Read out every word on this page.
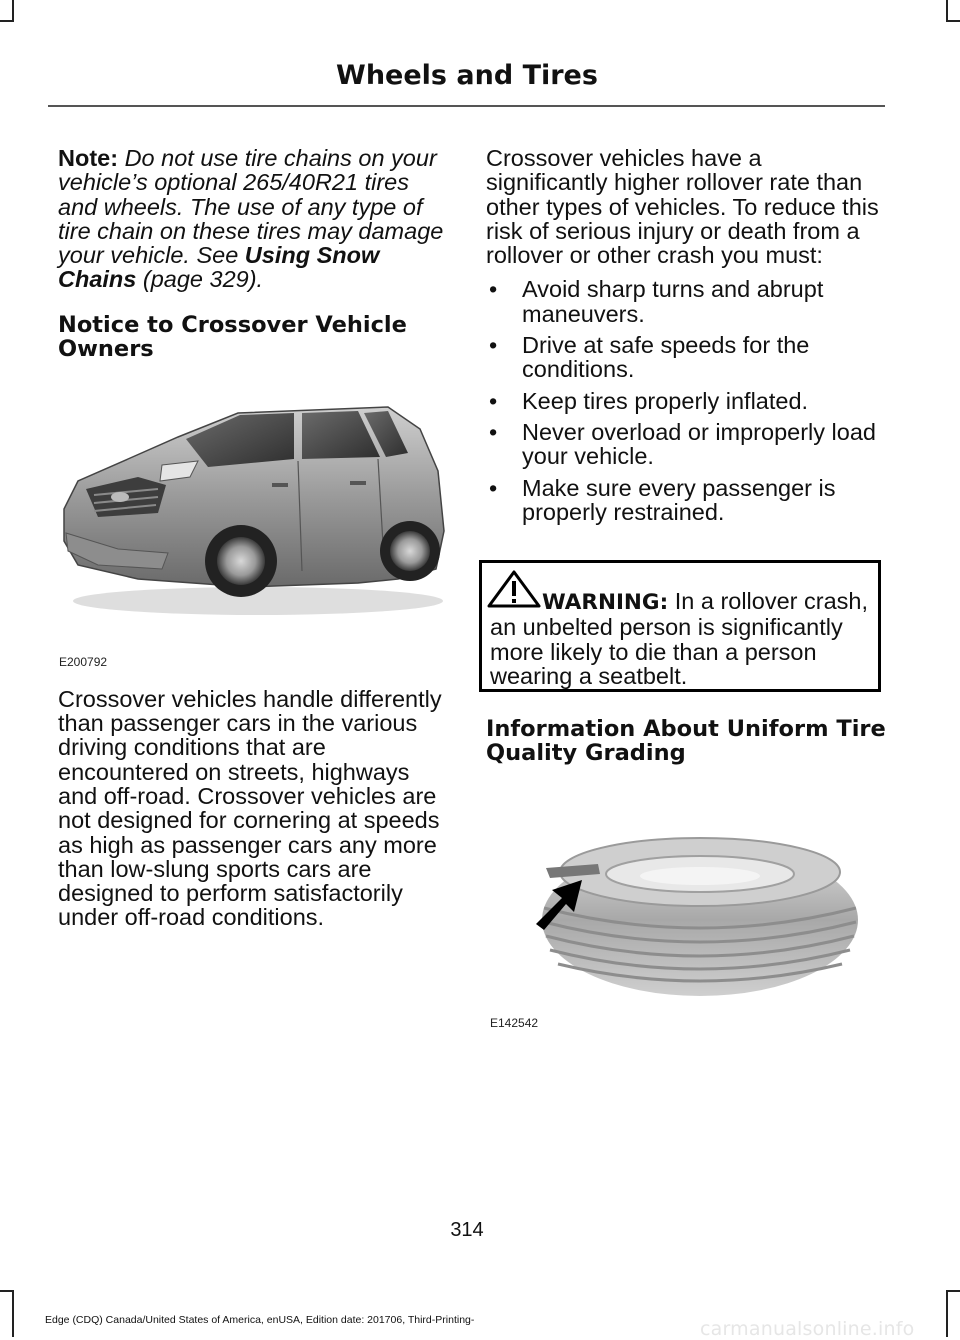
Wheels and Tires

Note: Do not use tire chains on your vehicle’s optional 265/40R21 tires and wheels. The use of any type of tire chain on these tires may damage your vehicle. See Using Snow Chains (page 329).

Notice to Crossover Vehicle Owners
E200792

Crossover vehicles handle differently than passenger cars in the various driving conditions that are encountered on streets, highways and off-road. Crossover vehicles are not designed for cornering at speeds as high as passenger cars any more than low-slung sports cars are designed to perform satisfactorily under off-road conditions.

Crossover vehicles have a significantly higher rollover rate than other types of vehicles. To reduce this risk of serious injury or death from a rollover or other crash you must:

• Avoid sharp turns and abrupt maneuvers.
• Drive at safe speeds for the conditions.
• Keep tires properly inflated.
• Never overload or improperly load your vehicle.
• Make sure every passenger is properly restrained.
WARNING: In a rollover crash, an unbelted person is significantly more likely to die than a person wearing a seatbelt.
Information About Uniform Tire Quality Grading
E142542
314
Edge (CDQ) Canada/United States of America, enUSA, Edition date: 201706, Third-Printing-	carmanualsonline.info
